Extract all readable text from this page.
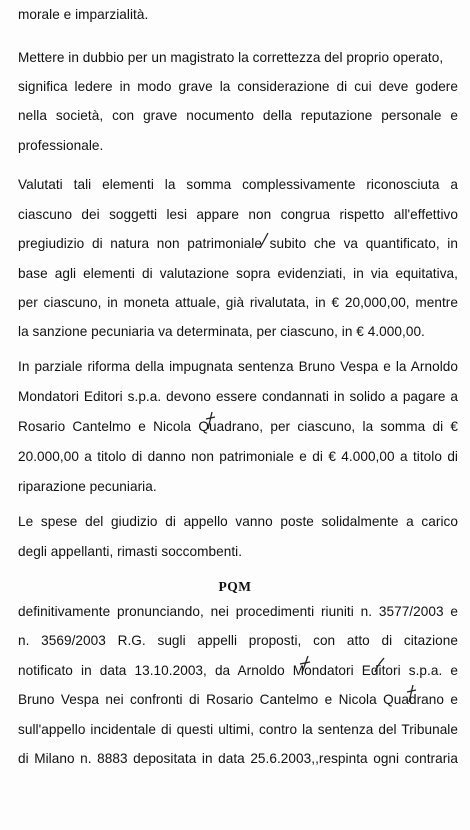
morale e imparzialità.
Mettere in dubbio per un magistrato la correttezza del proprio operato,
significa ledere in modo grave la considerazione di cui deve godere
nella società, con grave nocumento della reputazione personale e
professionale.
Valutati tali elementi la somma complessivamente riconosciuta a
ciascuno dei soggetti lesi appare non congrua rispetto all'effettivo
pregiudizio di natura non patrimoniale subito che va quantificato, in
base agli elementi di valutazione sopra evidenziati, in via equitativa,
per ciascuno, in moneta attuale, già rivalutata, in € 20,000,00, mentre
la sanzione pecuniaria va determinata, per ciascuno, in € 4.000,00.
In parziale riforma della impugnata sentenza Bruno Vespa e la Arnoldo
Mondatori Editori s.p.a. devono essere condannati in solido a pagare a
Rosario Cantelmo e Nicola Quadrano, per ciascuno, la somma di €
20.000,00 a titolo di danno non patrimoniale e di € 4.000,00 a titolo di
riparazione pecuniaria.
Le spese del giudizio di appello vanno poste solidalmente a carico
degli appellanti, rimasti soccombenti.
PQM
definitivamente pronunciando, nei procedimenti riuniti n. 3577/2003 e
n. 3569/2003 R.G. sugli appelli proposti, con atto di citazione
notificato in data 13.10.2003, da Arnoldo Mondatori Editori s.p.a. e
Bruno Vespa nei confronti di Rosario Cantelmo e Nicola Quadrano e
sull'appello incidentale di questi ultimi, contro la sentenza del Tribunale
di Milano n. 8883 depositata in data 25.6.2003,,respinta ogni contraria
